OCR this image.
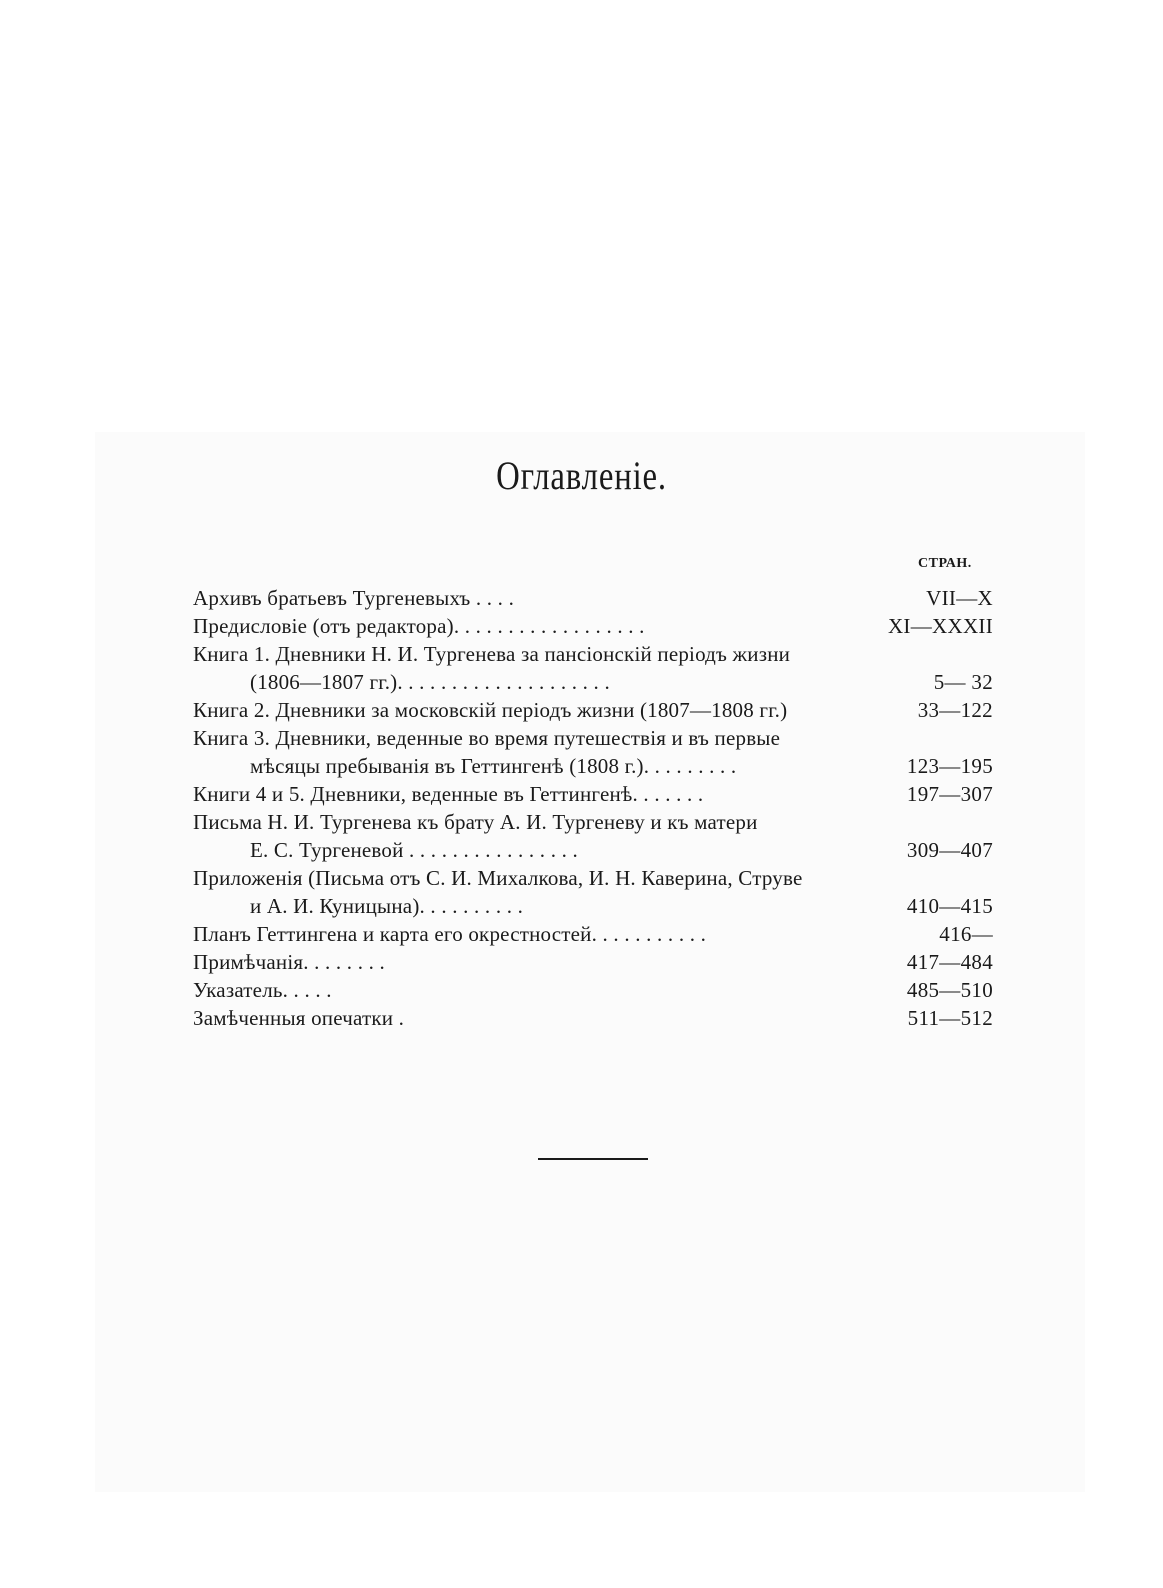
Оглавленіе.
СТРАН.
Архивъ братьевъ Тургеневыхъ . . . .	VII—X
Предисловіе (отъ редактора). . . . . . . . . . . . . . . . . .	XI—XXXII
Книга 1. Дневники Н. И. Тургенева за пансіонскій періодъ жизни
(1806—1807 гг.). . . . . . . . . . . . . . . . . . . .	5— 32
Книга 2. Дневники за московскій періодъ жизни (1807—1808 гг.)	33—122
Книга 3. Дневники, веденные во время путешествія и въ первые
мѣсяцы пребыванія въ Геттингенѣ (1808 г.). . . . . . . . .	123—195
Книги 4 и 5. Дневники, веденные въ Геттингенѣ. . . . . . .	197—307
Письма Н. И. Тургенева къ брату А. И. Тургеневу и къ матери
Е. С. Тургеневой . . . . . . . . . . . . . . . .	309—407
Приложенія (Письма отъ С. И. Михалкова, И. Н. Каверина, Струве
и А. И. Куницына). . . . . . . . . .	410—415
Планъ Геттингена и карта его окрестностей. . . . . . . . . . .	416—
Примѣчанія. . . . . . . .	417—484
Указатель. . . . .	485—510
Замѣченныя опечатки .	511—512
